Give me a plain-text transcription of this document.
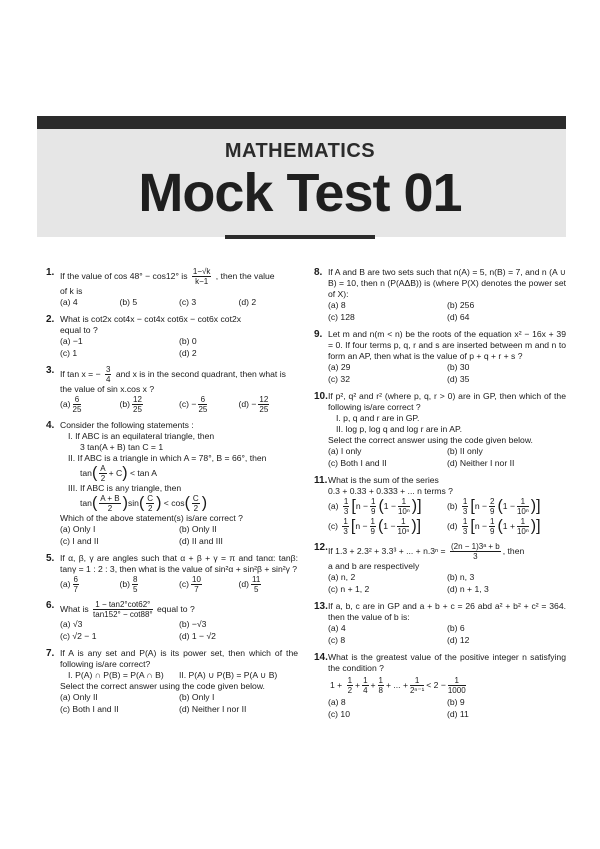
MATHEMATICS
Mock Test 01
1. If the value of cos 48° − cos12° is $\frac{1-√k}{k-1}$ , then the value
of k is
(a) 4	(b) 5	(c) 3	(d) 2
2. What is cot2x cot4x − cot4x cot6x − cot6x cot2x
equal to ?
(a) −1	(b) 0
(c) 1	(d) 2
3. If tan x = − $\frac{3}{4}$ and x is in the second quadrant, then what is
the value of sin x.cos x ?
$(a) \frac{6}{25}$	$(b) \frac{12}{25}$	$(c) - \frac{6}{25}$	$(d) - \frac{12}{25}$
4. Consider the following statements :
I. If ABC is an equilateral triangle, then
3 tan(A + B) tan C = 1
II. If ABC is a triangle in which A = 78°, B = 66°, then
$\tan( \frac{A}{2} + C) < \tan A$
III. If ABC is any triangle, then
$\tan( \frac{A + B}{2} )\sin( \frac{C}{2}$ ) < $\cos( \frac{C}{2}$ )
Which of the above statement(s) is/are correct ?
(a) Only I	(b) Only II
(c) I and II	(d) II and III
5. If α, β, γ are angles such that α + β + γ = π and tanα: tanβ: tanγ = 1 : 2 : 3, then what is the value of sin²α + sin²β + sin²γ ?
$(a) \frac{6}{7}$	$(b) \frac{8}{5}$	$(c) \frac{10}{7}$	$(d) \frac{11}{5}$
6. What is $\frac{1 - \tan 2^\circ\cot 62^\circ}{\tan 152^\circ - \cot 88^\circ}$ equal to ?
(a) √3	(b) −√3
(c) √2 − 1	(d) 1 − √2
7. If A is any set and P(A) is its power set, then which of the following is/are correct?
I. P(A) ∩ P(B) = P(A ∩ B)	II. P(A) ∪ P(B) = P(A ∪ B)
Select the correct answer using the code given below.
(a) Only II	(b) Only I
(c) Both I and II	(d) Neither I nor II
8. If A and B are two sets such that n(A) = 5, n(B) = 7, and n (A ∪ B) = 10, then n (P(AΔB)) is (where P(X) denotes the power set of X):
(a) 8	(b) 256
(c) 128	(d) 64
9. Let m and n(m < n) be the roots of the equation x² − 16x + 39 = 0. If four terms p, q, r and s are inserted between m and n to form an AP, then what is the value of p + q + r + s ?
(a) 29	(b) 30
(c) 32	(d) 35
10. If p², q² and r² (where p, q, r > 0) are in GP, then which of the following is/are correct ?
I. p, q and r are in GP.
II. log p, log q and log r are in AP.
Select the correct answer using the code given below.
(a) I only	(b) II only
(c) Both I and II	(d) Neither I nor II
11. What is the sum of the series
0.3 + 0.33 + 0.333 + ... n terms ?
$(a) \frac{1}{3} [n - \frac{1}{9} (1 - \frac{1}{\text{10ⁿ}}$ )]	$(b) \frac{1}{3} [n - \frac{2}{9} (1 - \frac{1}{\text{10ⁿ}}$ )]
$(c) \frac{1}{3} [n - \frac{1}{9} (1 - \frac{1}{\text{10ⁿ}}$ )]	$(d) \frac{1}{3} [n - \frac{1}{9} (1 + \frac{1}{\text{10ⁿ}}$ )]
12. If 1.3 + 2.3² + 3.3³ + ... + $n.3^n = \frac{\text{(2n − 1)3ᵃ + b}}{3}$ , then
a and b are respectively
(a) n, 2	(b) n, 3
(c) n + 1, 2	(d) n + 1, 3
13. If a, b, c are in GP and a + b + c = 26 abd a² + b² + c² = 364. then the value of b is:
(a) 4	(b) 6
(c) 8	(d) 12
14. What is the greatest value of the positive integer n satisfying the condition ?
$1 + \frac{1}{2} + \frac{1}{4} + \frac{1}{8}$ + ... + $\frac{1}{\text{2ⁿ⁻¹}} < 2 - \frac{1}{1000}$
(a) 8	(b) 9
(c) 10	(d) 11
